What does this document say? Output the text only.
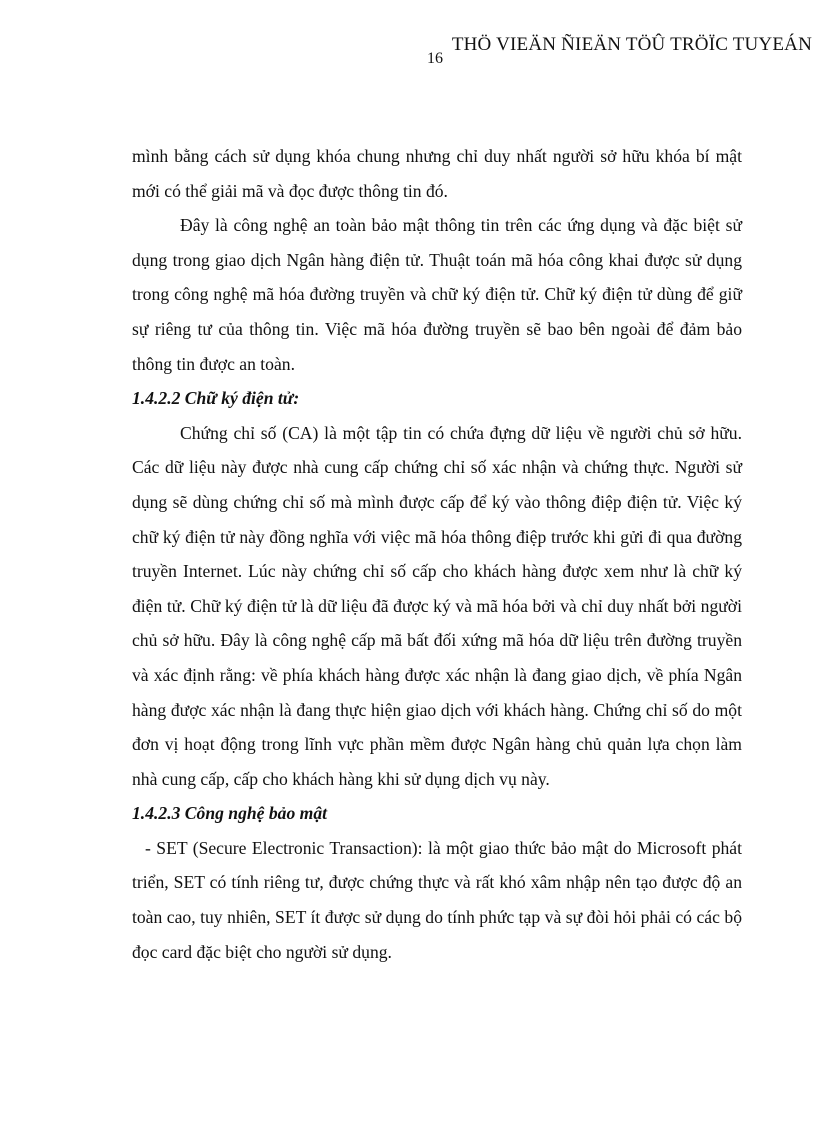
THÖ VIEÄN ÑIEÄN TÖÛ TRÖÏC TUYEÁN
16

mình bằng cách sử dụng khóa chung nhưng chỉ duy nhất người sở hữu khóa bí mật mới có thể giải mã và đọc được thông tin đó.

Đây là công nghệ an toàn bảo mật thông tin trên các ứng dụng và đặc biệt sử dụng trong giao dịch Ngân hàng điện tử. Thuật toán mã hóa công khai được sử dụng trong công nghệ mã hóa đường truyền và chữ ký điện tử. Chữ ký điện tử dùng để giữ sự riêng tư của thông tin. Việc mã hóa đường truyền sẽ bao bên ngoài để đảm bảo thông tin được an toàn.

1.4.2.2 Chữ ký điện tử:

Chứng chỉ số (CA) là một tập tin có chứa đựng dữ liệu về người chủ sở hữu. Các dữ liệu này được nhà cung cấp chứng chỉ số xác nhận và chứng thực. Người sử dụng sẽ dùng chứng chỉ số mà mình được cấp để ký vào thông điệp điện tử. Việc ký chữ ký điện tử này đồng nghĩa với việc mã hóa thông điệp trước khi gửi đi qua đường truyền Internet. Lúc này chứng chỉ số cấp cho khách hàng được xem như là chữ ký điện tử. Chữ ký điện tử là dữ liệu đã được ký và mã hóa bởi và chỉ duy nhất bởi người chủ sở hữu. Đây là công nghệ cấp mã bất đối xứng mã hóa dữ liệu trên đường truyền và xác định rằng: về phía khách hàng được xác nhận là đang giao dịch, về phía Ngân hàng được xác nhận là đang thực hiện giao dịch với khách hàng. Chứng chỉ số do một đơn vị hoạt động trong lĩnh vực phần mềm được Ngân hàng chủ quản lựa chọn làm nhà cung cấp, cấp cho khách hàng khi sử dụng dịch vụ này.

1.4.2.3 Công nghệ bảo mật

- SET (Secure Electronic Transaction): là một giao thức bảo mật do Microsoft phát triển, SET có tính riêng tư, được chứng thực và rất khó xâm nhập nên tạo được độ an toàn cao, tuy nhiên, SET ít được sử dụng do tính phức tạp và sự đòi hỏi phải có các bộ đọc card đặc biệt cho người sử dụng.
